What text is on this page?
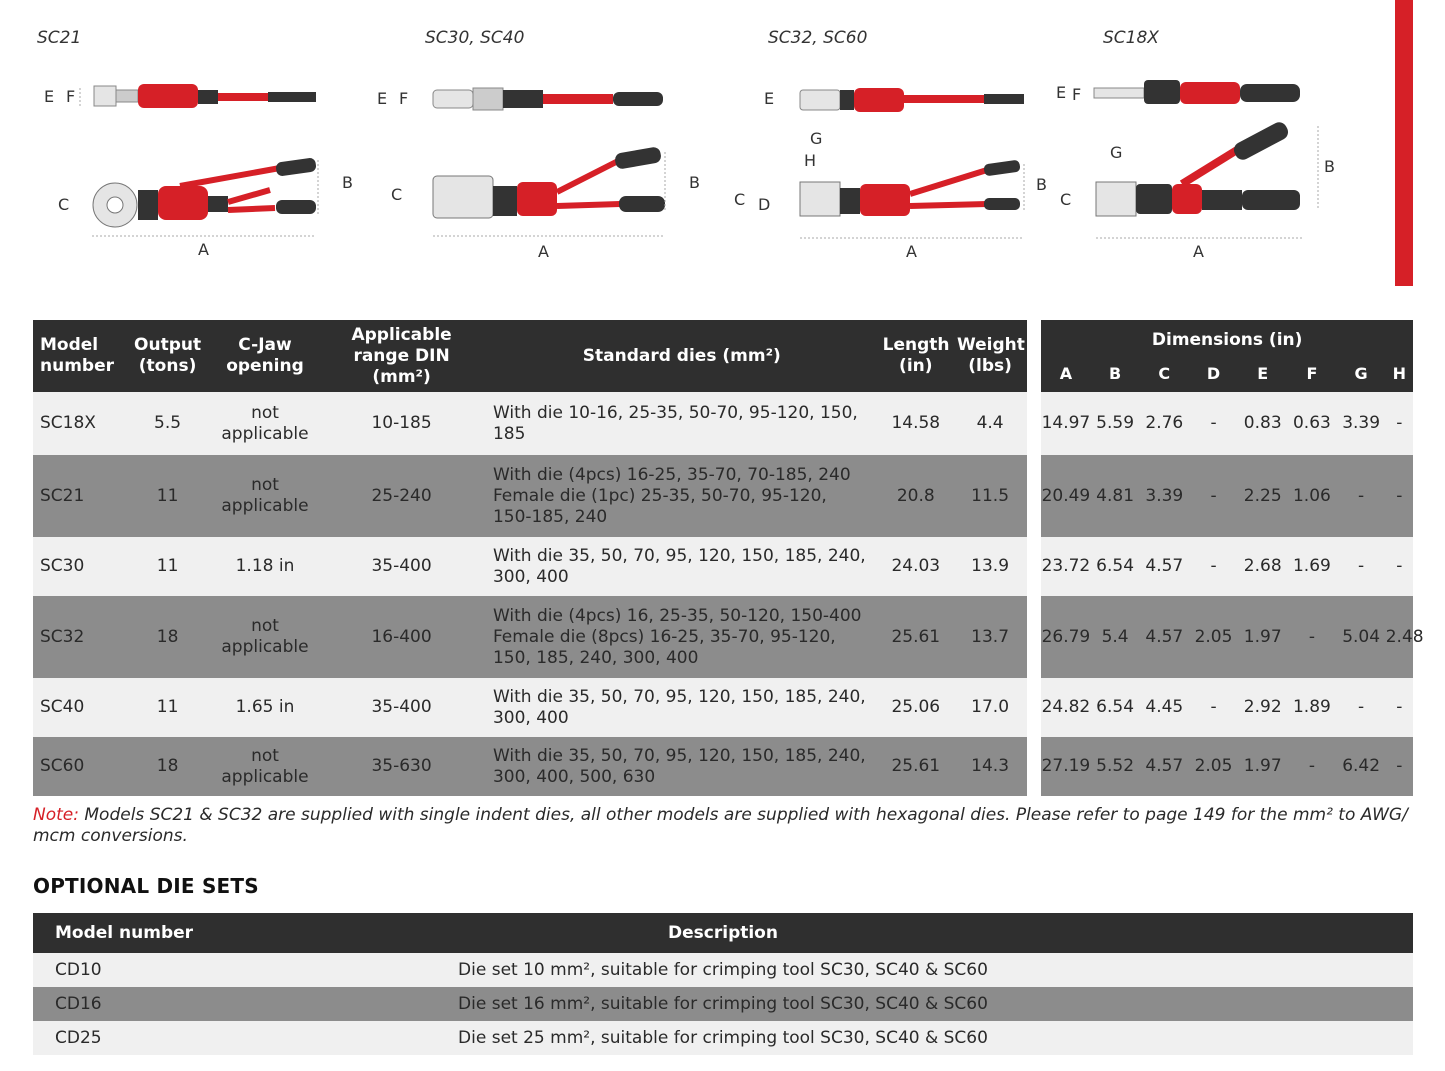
SC21	SC30, SC40	SC32, SC60	SC18X
E F
C
B
A
E F
C
B
A
E
G
H
C D
B
A
E F
G
C
B
A
Model number	Output (tons)	C-Jaw opening	Applicable range DIN (mm²)	Standard dies (mm²)	Length (in)	Weight (lbs)		Dimensions (in)							
								A	B	C	D	E	F	G	H
SC18X	5.5	not applicable	10-185	With die 10-16, 25-35, 50-70, 95-120, 150, 185	14.58	4.4		14.97	5.59	2.76	-	0.83	0.63	3.39	-
SC21	11	not applicable	25-240	With die (4pcs) 16-25, 35-70, 70-185, 240
Female die (1pc) 25-35, 50-70, 95-120,
150-185, 240	20.8	11.5		20.49	4.81	3.39	-	2.25	1.06	-	-
SC30	11	1.18 in	35-400	With die 35, 50, 70, 95, 120, 150, 185, 240,
300, 400	24.03	13.9		23.72	6.54	4.57	-	2.68	1.69	-	-
SC32	18	not applicable	16-400	With die (4pcs) 16, 25-35, 50-120, 150-400
Female die (8pcs) 16-25, 35-70, 95-120,
150, 185, 240, 300, 400	25.61	13.7		26.79	5.4	4.57	2.05	1.97	-	5.04	2.48
SC40	11	1.65 in	35-400	With die 35, 50, 70, 95, 120, 150, 185, 240,
300, 400	25.06	17.0		24.82	6.54	4.45	-	2.92	1.89	-	-
SC60	18	not applicable	35-630	With die 35, 50, 70, 95, 120, 150, 185, 240,
300, 400, 500, 630	25.61	14.3		27.19	5.52	4.57	2.05	1.97	-	6.42	-
Note: Models SC21 & SC32 are supplied with single indent dies, all other models are supplied with hexagonal dies. Please refer to page 149 for the mm² to AWG/ mcm conversions.
OPTIONAL DIE SETS
Model number	Description
CD10	Die set 10 mm², suitable for crimping tool SC30, SC40 & SC60
CD16	Die set 16 mm², suitable for crimping tool SC30, SC40 & SC60
CD25	Die set 25 mm², suitable for crimping tool SC30, SC40 & SC60
